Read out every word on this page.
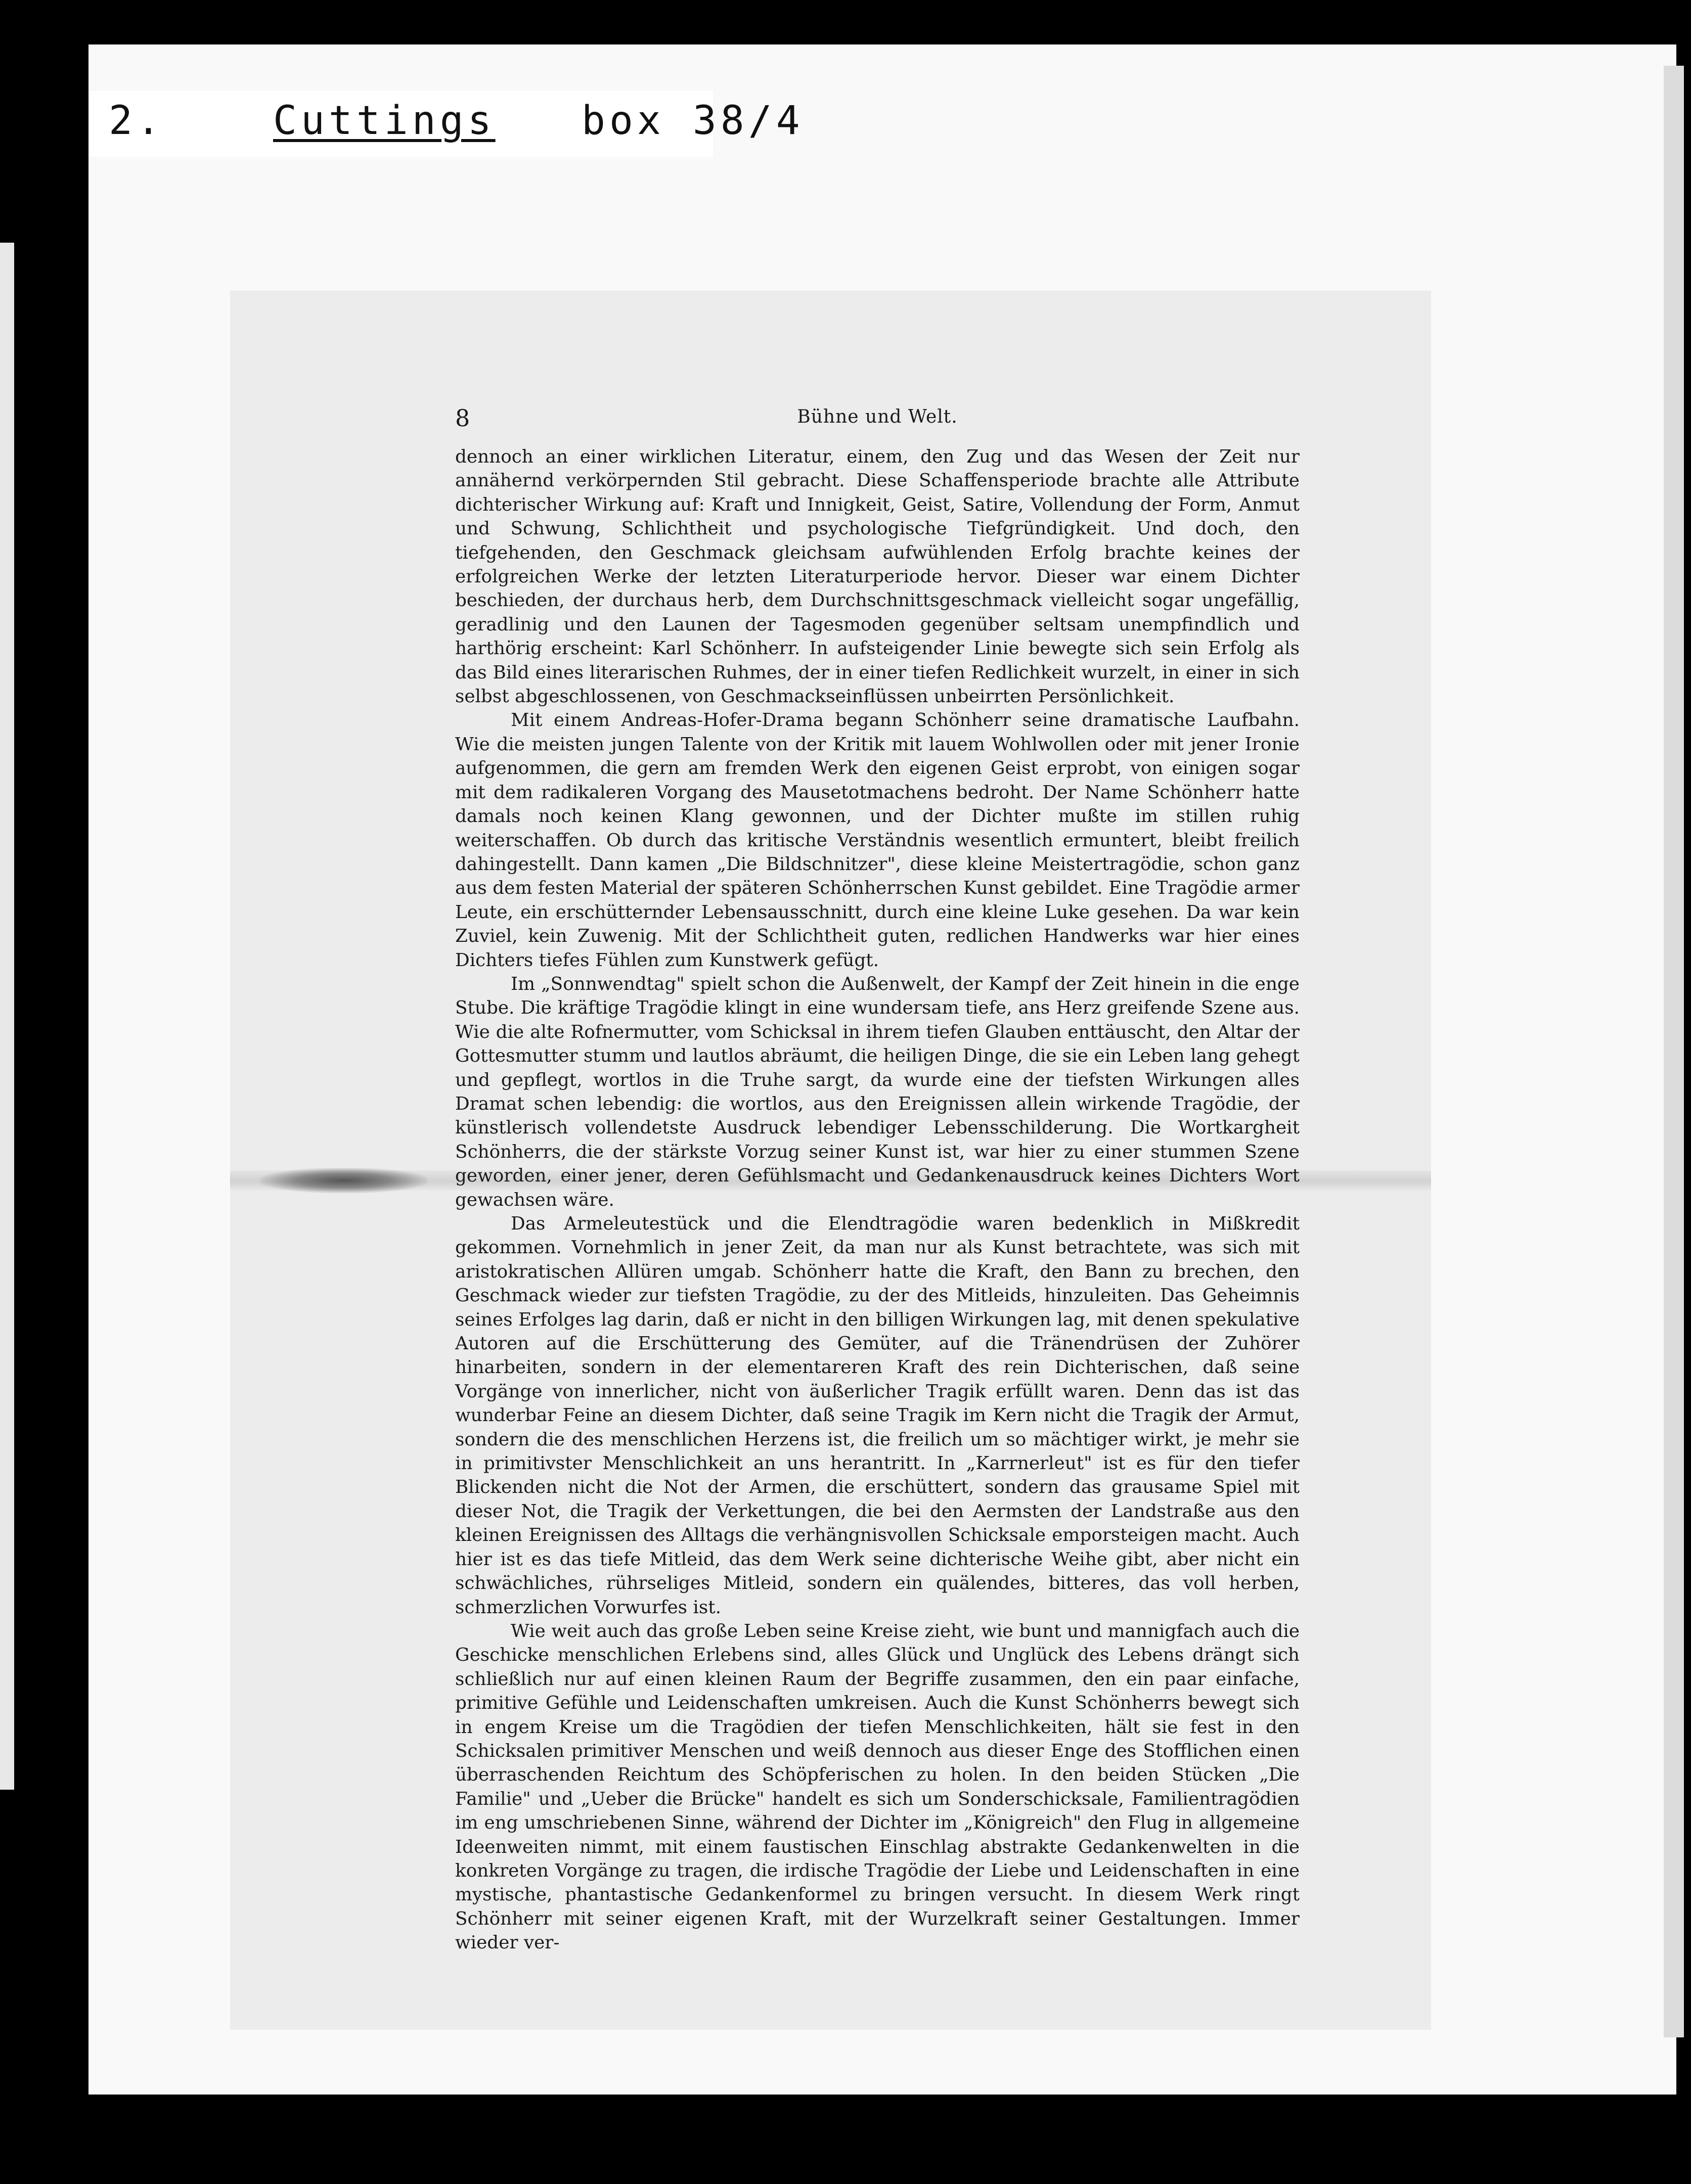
2.	Cuttings box 38/4
8	Bühne und Welt.

dennoch an einer wirklichen Literatur, einem, den Zug und das Wesen der Zeit nur annähernd verkörpernden Stil gebracht. Diese Schaffensperiode brachte alle Attribute dichterischer Wirkung auf: Kraft und Innigkeit, Geist, Satire, Vollendung der Form, Anmut und Schwung, Schlichtheit und psychologische Tiefgründigkeit. Und doch, den tiefgehenden, den Geschmack gleichsam aufwühlenden Erfolg brachte keines der erfolgreichen Werke der letzten Literaturperiode hervor. Dieser war einem Dichter beschieden, der durchaus herb, dem Durchschnittsgeschmack vielleicht sogar ungefällig, geradlinig und den Launen der Tagesmoden gegenüber seltsam unempfindlich und harthörig erscheint: Karl Schönherr. In aufsteigender Linie bewegte sich sein Erfolg als das Bild eines literarischen Ruhmes, der in einer tiefen Redlichkeit wurzelt, in einer in sich selbst abgeschlossenen, von Geschmackseinflüssen unbeirrten Persönlichkeit.

Mit einem Andreas-Hofer-Drama begann Schönherr seine dramatische Laufbahn. Wie die meisten jungen Talente von der Kritik mit lauem Wohlwollen oder mit jener Ironie aufgenommen, die gern am fremden Werk den eigenen Geist erprobt, von einigen sogar mit dem radikaleren Vorgang des Mausetotmachens bedroht. Der Name Schönherr hatte damals noch keinen Klang gewonnen, und der Dichter mußte im stillen ruhig weiterschaffen. Ob durch das kritische Verständnis wesentlich ermuntert, bleibt freilich dahingestellt. Dann kamen „Die Bildschnitzer", diese kleine Meistertragödie, schon ganz aus dem festen Material der späteren Schönherrschen Kunst gebildet. Eine Tragödie armer Leute, ein erschütternder Lebensausschnitt, durch eine kleine Luke gesehen. Da war kein Zuviel, kein Zuwenig. Mit der Schlichtheit guten, redlichen Handwerks war hier eines Dichters tiefes Fühlen zum Kunstwerk gefügt.

Im „Sonnwendtag" spielt schon die Außenwelt, der Kampf der Zeit hinein in die enge Stube. Die kräftige Tragödie klingt in eine wundersam tiefe, ans Herz greifende Szene aus. Wie die alte Rofnermutter, vom Schicksal in ihrem tiefen Glauben enttäuscht, den Altar der Gottesmutter stumm und lautlos abräumt, die heiligen Dinge, die sie ein Leben lang gehegt und gepflegt, wortlos in die Truhe sargt, da wurde eine der tiefsten Wirkungen alles Dramat schen lebendig: die wortlos, aus den Ereignissen allein wirkende Tragödie, der künstlerisch vollendetste Ausdruck lebendiger Lebensschilderung. Die Wortkargheit Schönherrs, die der stärkste Vorzug seiner Kunst ist, war hier zu einer stummen Szene geworden, einer jener, deren Gefühlsmacht und Gedankenausdruck keines Dichters Wort gewachsen wäre.

Das Armeleutestück und die Elendtragödie waren bedenklich in Mißkredit gekommen. Vornehmlich in jener Zeit, da man nur als Kunst betrachtete, was sich mit aristokratischen Allüren umgab. Schönherr hatte die Kraft, den Bann zu brechen, den Geschmack wieder zur tiefsten Tragödie, zu der des Mitleids, hinzuleiten. Das Geheimnis seines Erfolges lag darin, daß er nicht in den billigen Wirkungen lag, mit denen spekulative Autoren auf die Erschütterung des Gemüter, auf die Tränendrüsen der Zuhörer hinarbeiten, sondern in der elementareren Kraft des rein Dichterischen, daß seine Vorgänge von innerlicher, nicht von äußerlicher Tragik erfüllt waren. Denn das ist das wunderbar Feine an diesem Dichter, daß seine Tragik im Kern nicht die Tragik der Armut, sondern die des menschlichen Herzens ist, die freilich um so mächtiger wirkt, je mehr sie in primitivster Menschlichkeit an uns herantritt. In „Karrnerleut" ist es für den tiefer Blickenden nicht die Not der Armen, die erschüttert, sondern das grausame Spiel mit dieser Not, die Tragik der Verkettungen, die bei den Aermsten der Landstraße aus den kleinen Ereignissen des Alltags die verhängnisvollen Schicksale emporsteigen macht. Auch hier ist es das tiefe Mitleid, das dem Werk seine dichterische Weihe gibt, aber nicht ein schwächliches, rührseliges Mitleid, sondern ein quälendes, bitteres, das voll herben, schmerzlichen Vorwurfes ist.

Wie weit auch das große Leben seine Kreise zieht, wie bunt und mannigfach auch die Geschicke menschlichen Erlebens sind, alles Glück und Unglück des Lebens drängt sich schließlich nur auf einen kleinen Raum der Begriffe zusammen, den ein paar einfache, primitive Gefühle und Leidenschaften umkreisen. Auch die Kunst Schönherrs bewegt sich in engem Kreise um die Tragödien der tiefen Menschlichkeiten, hält sie fest in den Schicksalen primitiver Menschen und weiß dennoch aus dieser Enge des Stofflichen einen überraschenden Reichtum des Schöpferischen zu holen. In den beiden Stücken „Die Familie" und „Ueber die Brücke" handelt es sich um Sonderschicksale, Familientragödien im eng umschriebenen Sinne, während der Dichter im „Königreich" den Flug in allgemeine Ideenweiten nimmt, mit einem faustischen Einschlag abstrakte Gedankenwelten in die konkreten Vorgänge zu tragen, die irdische Tragödie der Liebe und Leidenschaften in eine mystische, phantastische Gedankenformel zu bringen versucht. In diesem Werk ringt Schönherr mit seiner eigenen Kraft, mit der Wurzelkraft seiner Gestaltungen. Immer wieder ver-
